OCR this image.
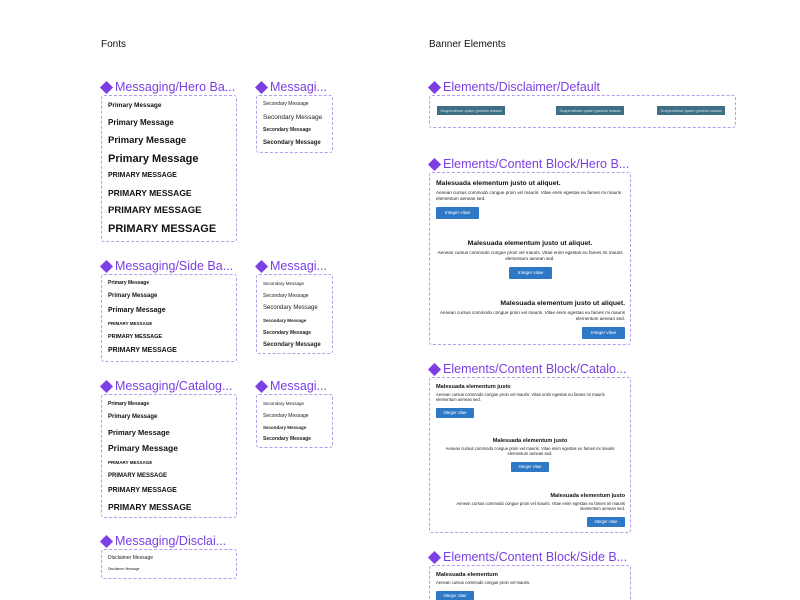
Fonts	Banner Elements
Messaging/Hero Ba...
Primary Message
Primary Message
Primary Message
Primary Message
PRIMARY MESSAGE
PRIMARY MESSAGE
PRIMARY MESSAGE
PRIMARY MESSAGE
Messagi...
Secondary Message
Secondary Message
Secondary Message
Secondary Message
Messaging/Side Ba...
Primary Message
Primary Message
Primary Message
PRIMARY MESSAGE
PRIMARY MESSAGE
PRIMARY MESSAGE
Messagi...
Secondary Message
Secondary Message
Secondary Message
Secondary Message
Secondary Message
Secondary Message
Messaging/Catalog...
Primary Message
Primary Message
Primary Message
Primary Message
PRIMARY MESSAGE
PRIMARY MESSAGE
PRIMARY MESSAGE
PRIMARY MESSAGE
Messagi...
Secondary Message
Secondary Message
Secondary Message
Secondary Message
Messaging/Disclai...
Disclaimer Message
Disclaimer Message
Elements/Disclaimer/Default
Suspendisse quam gravida massa	Suspendisse quam gravida massa	Suspendisse quam gravida massa
Elements/Content Block/Hero B...
Malesuada elementum justo ut aliquet.
Aenean cursus commodo congue proin vel mauris. Vitae enim egestas eu fames mi mauris elementum aenean sed.
Integer vitae
Malesuada elementum justo ut aliquet.
Aenean cursus commodo congue proin vel mauris. Vitae enim egestas eu fames mi mauris elementum aenean sed.
Integer vitae
Malesuada elementum justo ut aliquet.
Aenean cursus commodo congue proin vel mauris. Vitae enim egestas eu fames mi mauris elementum aenean sed.
Integer vitae
Elements/Content Block/Catalo...
Malesuada elementum justo
Aenean cursus commodo congue proin vel mauris. Vitae enim egestas eu fames mi mauris elementum aenean sed.
Integer vitae
Malesuada elementum justo
Aenean cursus commodo congue proin vel mauris. Vitae enim egestas eu fames mi mauris elementum aenean sed.
Integer vitae
Malesuada elementum justo
Aenean cursus commodo congue proin vel mauris. Vitae enim egestas eu fames mi mauris elementum aenean sed.
Integer vitae
Elements/Content Block/Side B...
Malesuada elementum
Aenean cursus commodo congue proin vel mauris.
Integer vitae
